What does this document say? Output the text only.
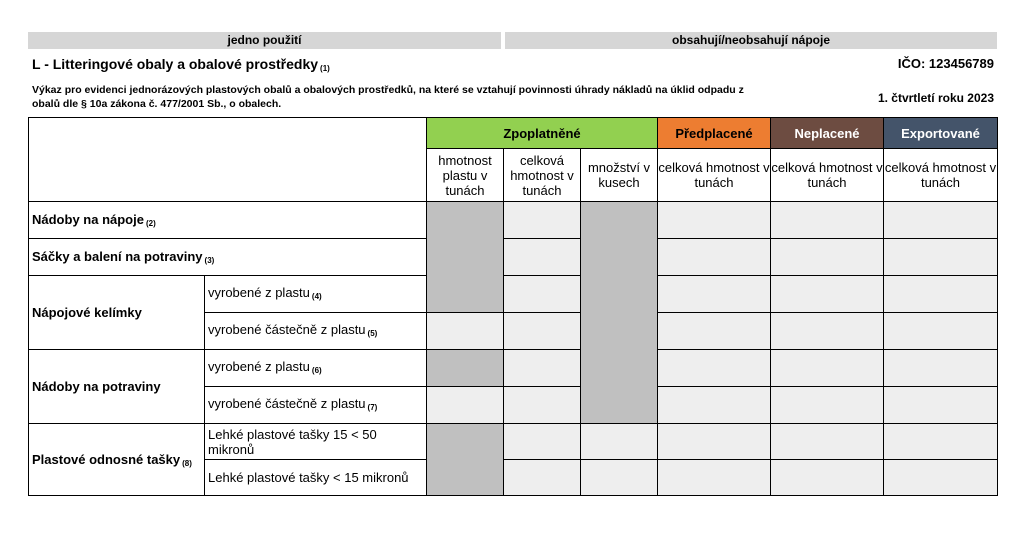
jedno použití	obsahují/neobsahují nápoje
L - Litteringové obaly a obalové prostředky $_{(1)}$	IČO: 123456789
Výkaz pro evidenci jednorázových plastových obalů a obalových prostředků, na které se vztahují povinnosti úhrady nákladů na úklid odpadu z obalů dle § 10a zákona č. 477/2001 Sb., o obalech.	1. čtvrtletí roku 2023
		Zpoplatněné			Předplacené	Neplacené	Exportované
		hmotnost plastu v tunách	celková hmotnost v tunách	množství v kusech	celková hmotnost v tunách	celková hmotnost v tunách	celková hmotnost v tunách
Nádoby na nápoje $_{(2)}$						
Sáčky a balení na potraviny $_{(3)}$				
Nápojové kelímky	vyrobené z plastu $_{(4)}$				
	vyrobené částečně z plastu $_{(5)}$					
Nádoby na potraviny	vyrobené z plastu $_{(6)}$					
	vyrobené částečně z plastu $_{(7)}$					
Plastové odnosné tašky $_{(8)}$	Lehké plastové tašky 15 < 50 mikronů						
	Lehké plastové tašky < 15 mikronů						
